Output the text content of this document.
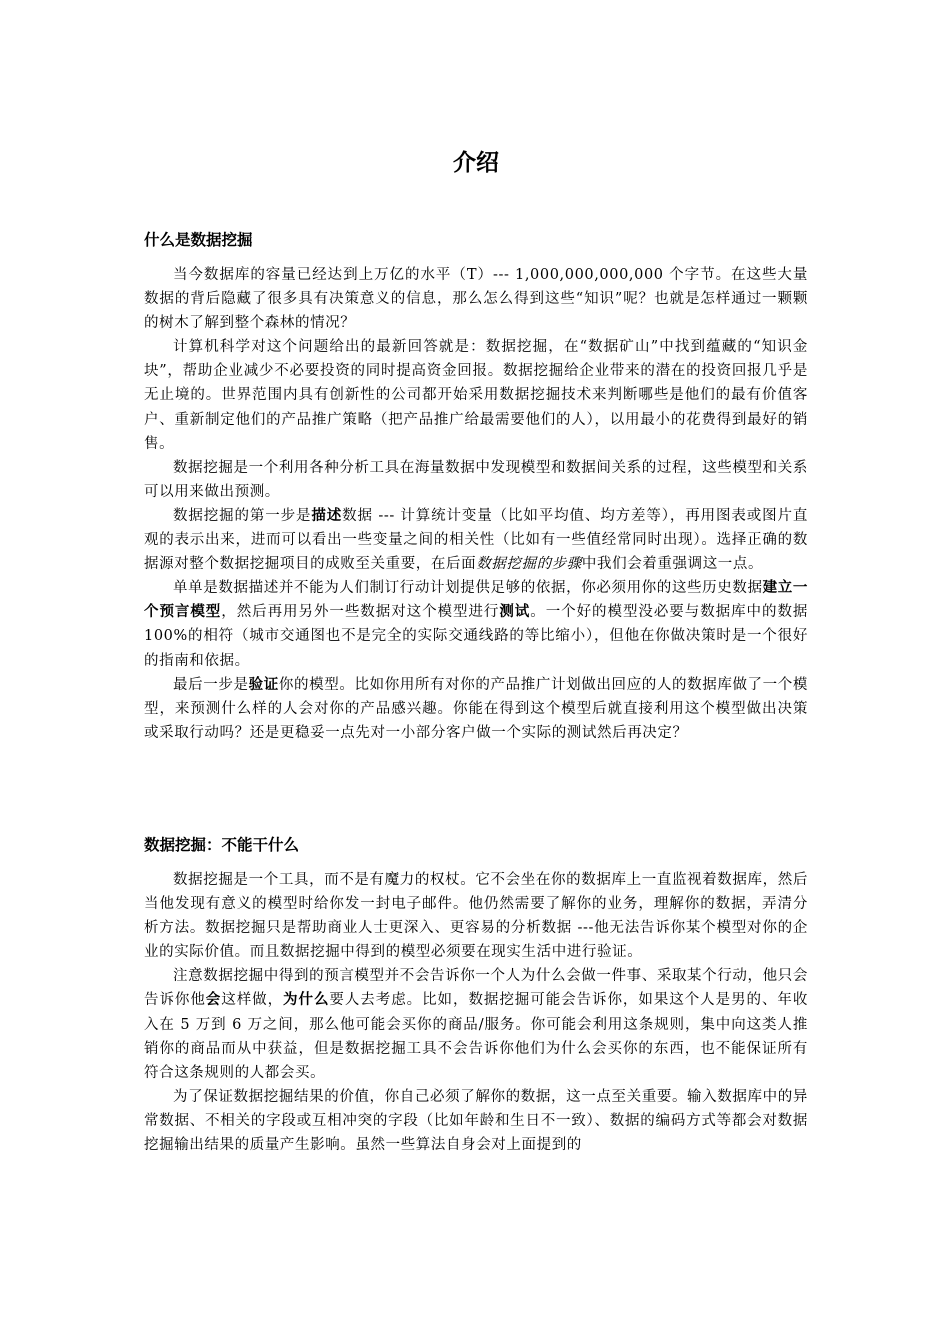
介绍
什么是数据挖掘

当今数据库的容量已经达到上万亿的水平（T）--- 1,000,000,000,000 个字节。在这些大量数据的背后隐藏了很多具有决策意义的信息，那么怎么得到这些“知识”呢？也就是怎样通过一颗颗的树木了解到整个森林的情况？

计算机科学对这个问题给出的最新回答就是：数据挖掘，在“数据矿山”中找到蕴藏的“知识金块”，帮助企业减少不必要投资的同时提高资金回报。数据挖掘给企业带来的潜在的投资回报几乎是无止境的。世界范围内具有创新性的公司都开始采用数据挖掘技术来判断哪些是他们的最有价值客户、重新制定他们的产品推广策略（把产品推广给最需要他们的人），以用最小的花费得到最好的销售。

数据挖掘是一个利用各种分析工具在海量数据中发现模型和数据间关系的过程，这些模型和关系可以用来做出预测。

数据挖掘的第一步是描述数据 --- 计算统计变量（比如平均值、均方差等），再用图表或图片直观的表示出来，进而可以看出一些变量之间的相关性（比如有一些值经常同时出现）。选择正确的数据源对整个数据挖掘项目的成败至关重要，在后面数据挖掘的步骤中我们会着重强调这一点。

单单是数据描述并不能为人们制订行动计划提供足够的依据，你必须用你的这些历史数据建立一个预言模型，然后再用另外一些数据对这个模型进行测试。一个好的模型没必要与数据库中的数据 100%的相符（城市交通图也不是完全的实际交通线路的等比缩小），但他在你做决策时是一个很好的指南和依据。

最后一步是验证你的模型。比如你用所有对你的产品推广计划做出回应的人的数据库做了一个模型，来预测什么样的人会对你的产品感兴趣。你能在得到这个模型后就直接利用这个模型做出决策或采取行动吗？还是更稳妥一点先对一小部分客户做一个实际的测试然后再决定？

数据挖掘：不能干什么

数据挖掘是一个工具，而不是有魔力的权杖。它不会坐在你的数据库上一直监视着数据库，然后当他发现有意义的模型时给你发一封电子邮件。他仍然需要了解你的业务，理解你的数据，弄清分析方法。数据挖掘只是帮助商业人士更深入、更容易的分析数据 ---他无法告诉你某个模型对你的企业的实际价值。而且数据挖掘中得到的模型必须要在现实生活中进行验证。

注意数据挖掘中得到的预言模型并不会告诉你一个人为什么会做一件事、采取某个行动，他只会告诉你他会这样做，为什么要人去考虑。比如，数据挖掘可能会告诉你，如果这个人是男的、年收入在 5 万到 6 万之间，那么他可能会买你的商品/服务。你可能会利用这条规则，集中向这类人推销你的商品而从中获益，但是数据挖掘工具不会告诉你他们为什么会买你的东西，也不能保证所有符合这条规则的人都会买。

为了保证数据挖掘结果的价值，你自己必须了解你的数据，这一点至关重要。输入数据库中的异常数据、不相关的字段或互相冲突的字段（比如年龄和生日不一致）、数据的编码方式等都会对数据挖掘输出结果的质量产生影响。虽然一些算法自身会对上面提到的
